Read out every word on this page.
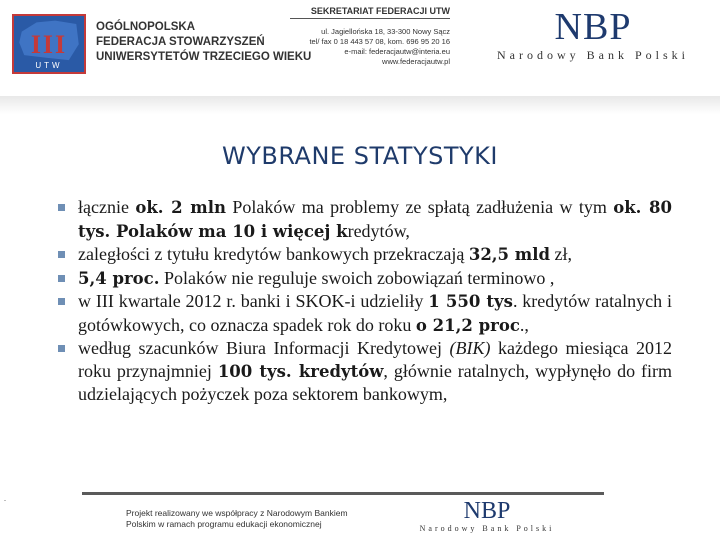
III
UTW
OGÓLNOPOLSKA
FEDERACJA STOWARZYSZEŃ
UNIWERSYTETÓW TRZECIEGO WIEKU
SEKRETARIAT FEDERACJI UTW
ul. Jagiellońska 18, 33-300 Nowy Sącz
tel/ fax 0 18 443 57 08, kom. 696 95 20 16
e-mail: federacjautw@interia.eu
www.federacjautw.pl
NBP
Narodowy Bank Polski
WYBRANE STATYSTYKI
łącznie ok. 2 mln Polaków ma problemy ze spłatą zadłużenia w tym ok. 80 tys. Polaków ma 10 i więcej kredytów,
zaległości z tytułu kredytów bankowych przekraczają 32,5 mld zł,
5,4 proc. Polaków nie reguluje swoich zobowiązań terminowo ,
w III kwartale 2012 r. banki i SKOK-i udzieliły 1 550 tys. kredytów ratalnych i gotówkowych, co oznacza spadek rok do roku o 21,2 proc.,
według szacunków Biura Informacji Kredytowej (BIK) każdego miesiąca 2012 roku przynajmniej 100 tys. kredytów, głównie ratalnych, wypłynęło do firm udzielających pożyczek poza sektorem bankowym,
.
Projekt realizowany we współpracy z Narodowym Bankiem
Polskim w ramach programu edukacji ekonomicznej	NBP
Narodowy Bank Polski
